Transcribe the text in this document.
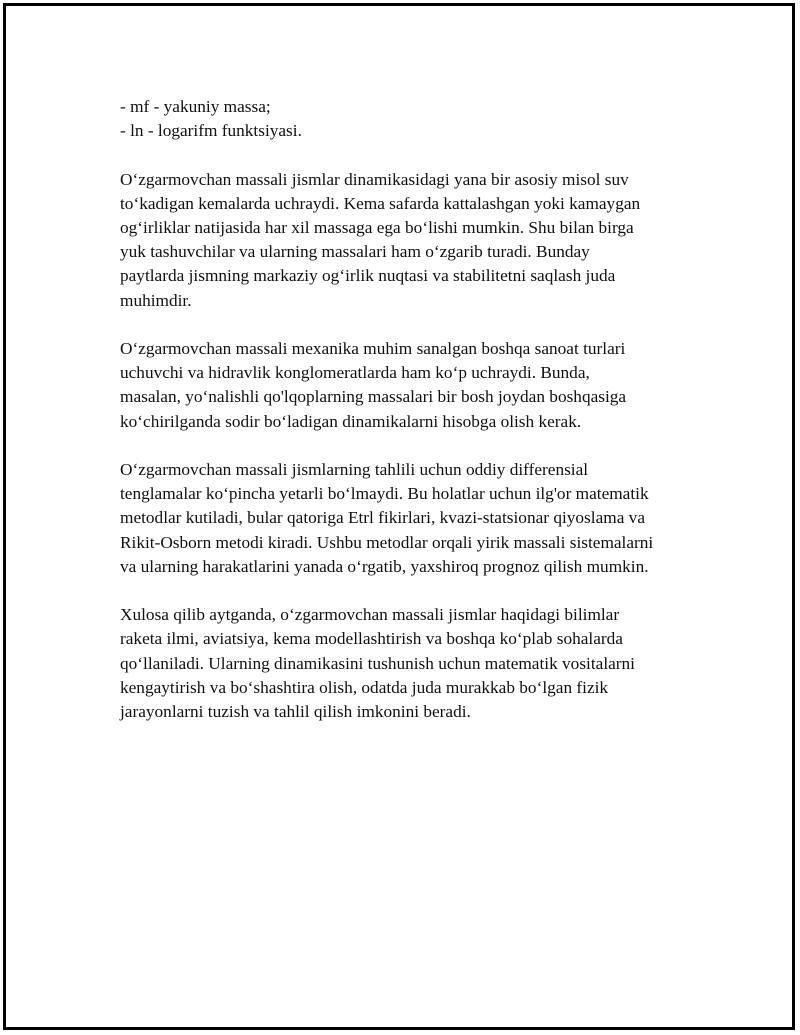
- mf - yakuniy massa;
- ln - logarifm funktsiyasi.

O‘zgarmovchan massali jismlar dinamikasidagi yana bir asosiy misol suv
to‘kadigan kemalarda uchraydi. Kema safarda kattalashgan yoki kamaygan
og‘irliklar natijasida har xil massaga ega bo‘lishi mumkin. Shu bilan birga
yuk tashuvchilar va ularning massalari ham o‘zgarib turadi. Bunday
paytlarda jismning markaziy og‘irlik nuqtasi va stabilitetni saqlash juda
muhimdir.

O‘zgarmovchan massali mexanika muhim sanalgan boshqa sanoat turlari
uchuvchi va hidravlik konglomeratlarda ham ko‘p uchraydi. Bunda,
masalan, yo‘nalishli qo'lqoplarning massalari bir bosh joydan boshqasiga
ko‘chirilganda sodir bo‘ladigan dinamikalarni hisobga olish kerak.

O‘zgarmovchan massali jismlarning tahlili uchun oddiy differensial
tenglamalar ko‘pincha yetarli bo‘lmaydi. Bu holatlar uchun ilg'or matematik
metodlar kutiladi, bular qatoriga Etrl fikirlari, kvazi-statsionar qiyoslama va
Rikit-Osborn metodi kiradi. Ushbu metodlar orqali yirik massali sistemalarni
va ularning harakatlarini yanada o‘rgatib, yaxshiroq prognoz qilish mumkin.

Xulosa qilib aytganda, o‘zgarmovchan massali jismlar haqidagi bilimlar
raketa ilmi, aviatsiya, kema modellashtirish va boshqa ko‘plab sohalarda
qo‘llaniladi. Ularning dinamikasini tushunish uchun matematik vositalarni
kengaytirish va bo‘shashtira olish, odatda juda murakkab bo‘lgan fizik
jarayonlarni tuzish va tahlil qilish imkonini beradi.
